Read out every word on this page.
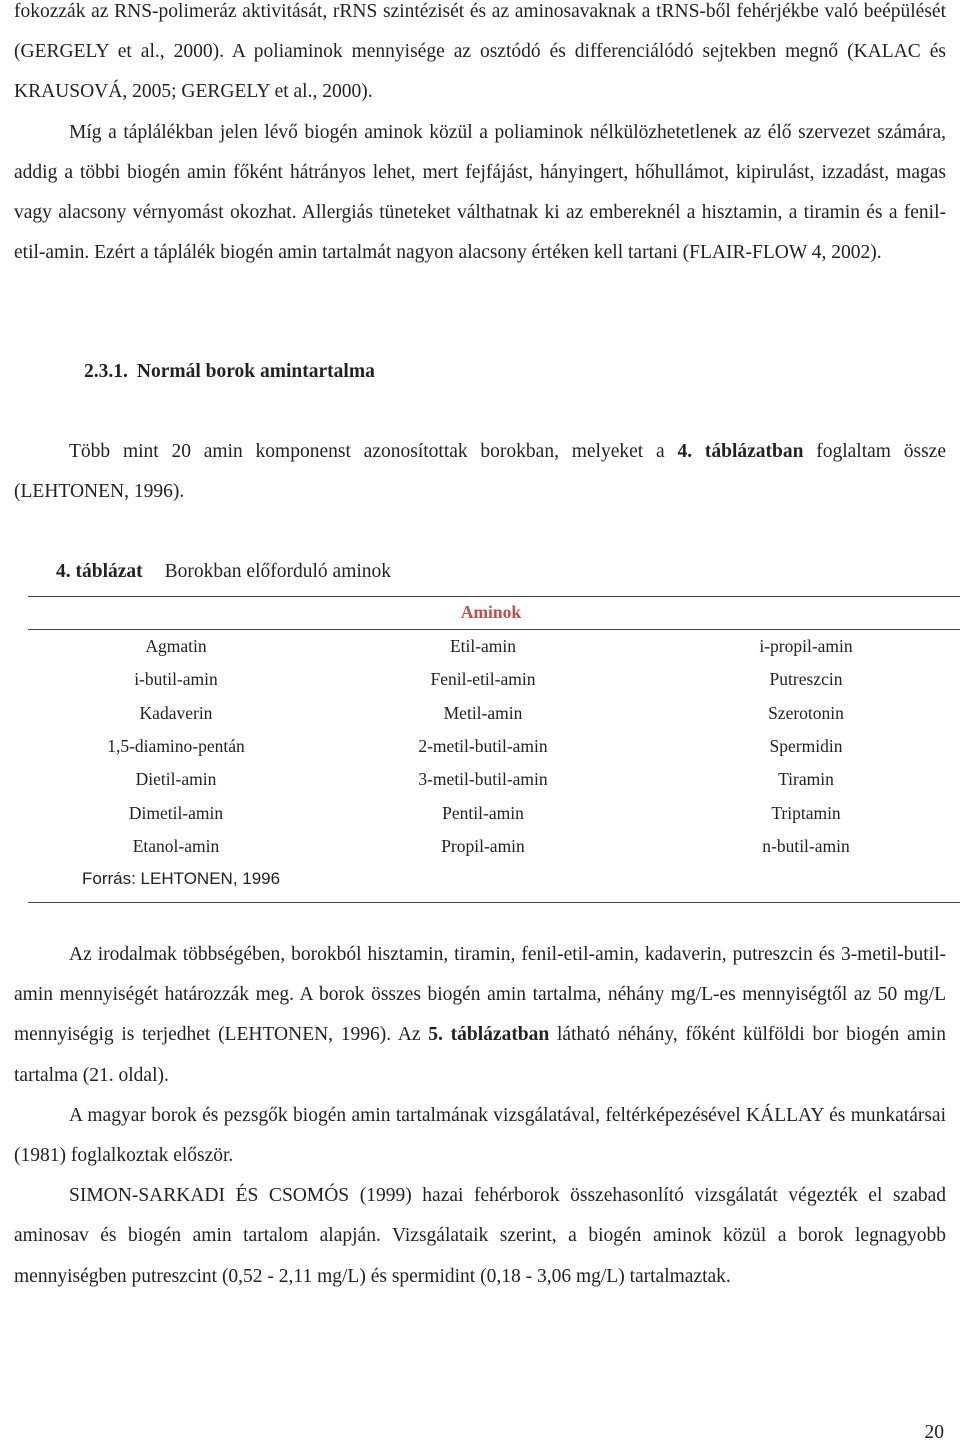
fokozzák az RNS-polimeráz aktivitását, rRNS szintézisét és az aminosavaknak a tRNS-ből fehérjékbe való beépülését (GERGELY et al., 2000). A poliaminok mennyisége az osztódó és differenciálódó sejtekben megnő (KALAC és KRAUSOVÁ, 2005; GERGELY et al., 2000).

Míg a táplálékban jelen lévő biogén aminok közül a poliaminok nélkülözhetetlenek az élő szervezet számára, addig a többi biogén amin főként hátrányos lehet, mert fejfájást, hányingert, hőhullámot, kipirulást, izzadást, magas vagy alacsony vérnyomást okozhat. Allergiás tüneteket válthatnak ki az embereknél a hisztamin, a tiramin és a fenil-etil-amin. Ezért a táplálék biogén amin tartalmát nagyon alacsony értéken kell tartani (FLAIR-FLOW 4, 2002).

2.3.1. Normál borok amintartalma

Több mint 20 amin komponenst azonosítottak borokban, melyeket a 4. táblázatban foglaltam össze (LEHTONEN, 1996).

4. táblázat Borokban előforduló aminok

Aminok
Agmatin	Etil-amin	i-propil-amin
i-butil-amin	Fenil-etil-amin	Putreszcin
Kadaverin	Metil-amin	Szerotonin
1,5-diamino-pentán	2-metil-butil-amin	Spermidin
Dietil-amin	3-metil-butil-amin	Tiramin
Dimetil-amin	Pentil-amin	Triptamin
Etanol-amin	Propil-amin	n-butil-amin

Forrás: LEHTONEN, 1996

Az irodalmak többségében, borokból hisztamin, tiramin, fenil-etil-amin, kadaverin, putreszcin és 3-metil-butil-amin mennyiségét határozzák meg. A borok összes biogén amin tartalma, néhány mg/L-es mennyiségtől az 50 mg/L mennyiségig is terjedhet (LEHTONEN, 1996). Az 5. táblázatban látható néhány, főként külföldi bor biogén amin tartalma (21. oldal).

A magyar borok és pezsgők biogén amin tartalmának vizsgálatával, feltérképezésével KÁLLAY és munkatársai (1981) foglalkoztak először.

SIMON-SARKADI ÉS CSOMÓS (1999) hazai fehérborok összehasonlító vizsgálatát végezték el szabad aminosav és biogén amin tartalom alapján. Vizsgálataik szerint, a biogén aminok közül a borok legnagyobb mennyiségben putreszcint (0,52 - 2,11 mg/L) és spermidint (0,18 - 3,06 mg/L) tartalmaztak.

20
